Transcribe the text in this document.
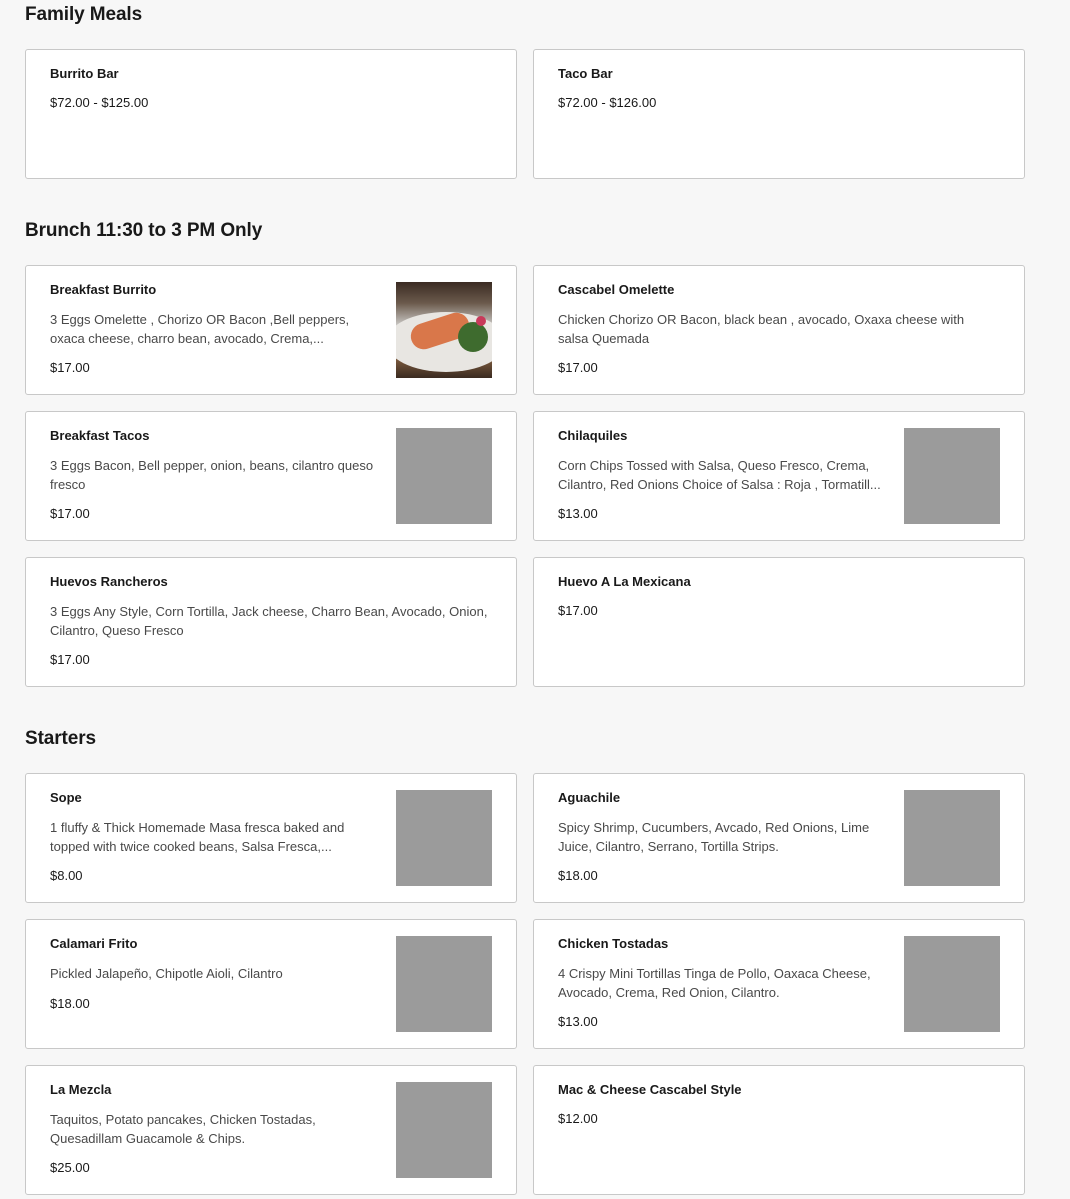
Family Meals
Burrito Bar
$72.00 - $125.00
Taco Bar
$72.00 - $126.00
Brunch 11:30 to 3 PM Only
Breakfast Burrito
3 Eggs Omelette , Chorizo OR Bacon ,Bell peppers, oxaca cheese, charro bean, avocado, Crema,...
$17.00
Cascabel Omelette
Chicken Chorizo OR Bacon, black bean , avocado, Oxaxa cheese with salsa Quemada
$17.00
Breakfast Tacos
3 Eggs Bacon, Bell pepper, onion, beans, cilantro queso fresco
$17.00
Chilaquiles
Corn Chips Tossed with Salsa, Queso Fresco, Crema, Cilantro, Red Onions Choice of Salsa : Roja , Tormatill...
$13.00
Huevos Rancheros
3 Eggs Any Style, Corn Tortilla, Jack cheese, Charro Bean, Avocado, Onion, Cilantro, Queso Fresco
$17.00
Huevo A La Mexicana
$17.00
Starters
Sope
1 fluffy & Thick Homemade Masa fresca baked and topped with twice cooked beans, Salsa Fresca,...
$8.00
Aguachile
Spicy Shrimp, Cucumbers, Avcado, Red Onions, Lime Juice, Cilantro, Serrano, Tortilla Strips.
$18.00
Calamari Frito
Pickled Jalapeño, Chipotle Aioli, Cilantro
$18.00
Chicken Tostadas
4 Crispy Mini Tortillas Tinga de Pollo, Oaxaca Cheese, Avocado, Crema, Red Onion, Cilantro.
$13.00
La Mezcla
Taquitos, Potato pancakes, Chicken Tostadas, Quesadillam Guacamole & Chips.
$25.00
Mac & Cheese Cascabel Style
$12.00
